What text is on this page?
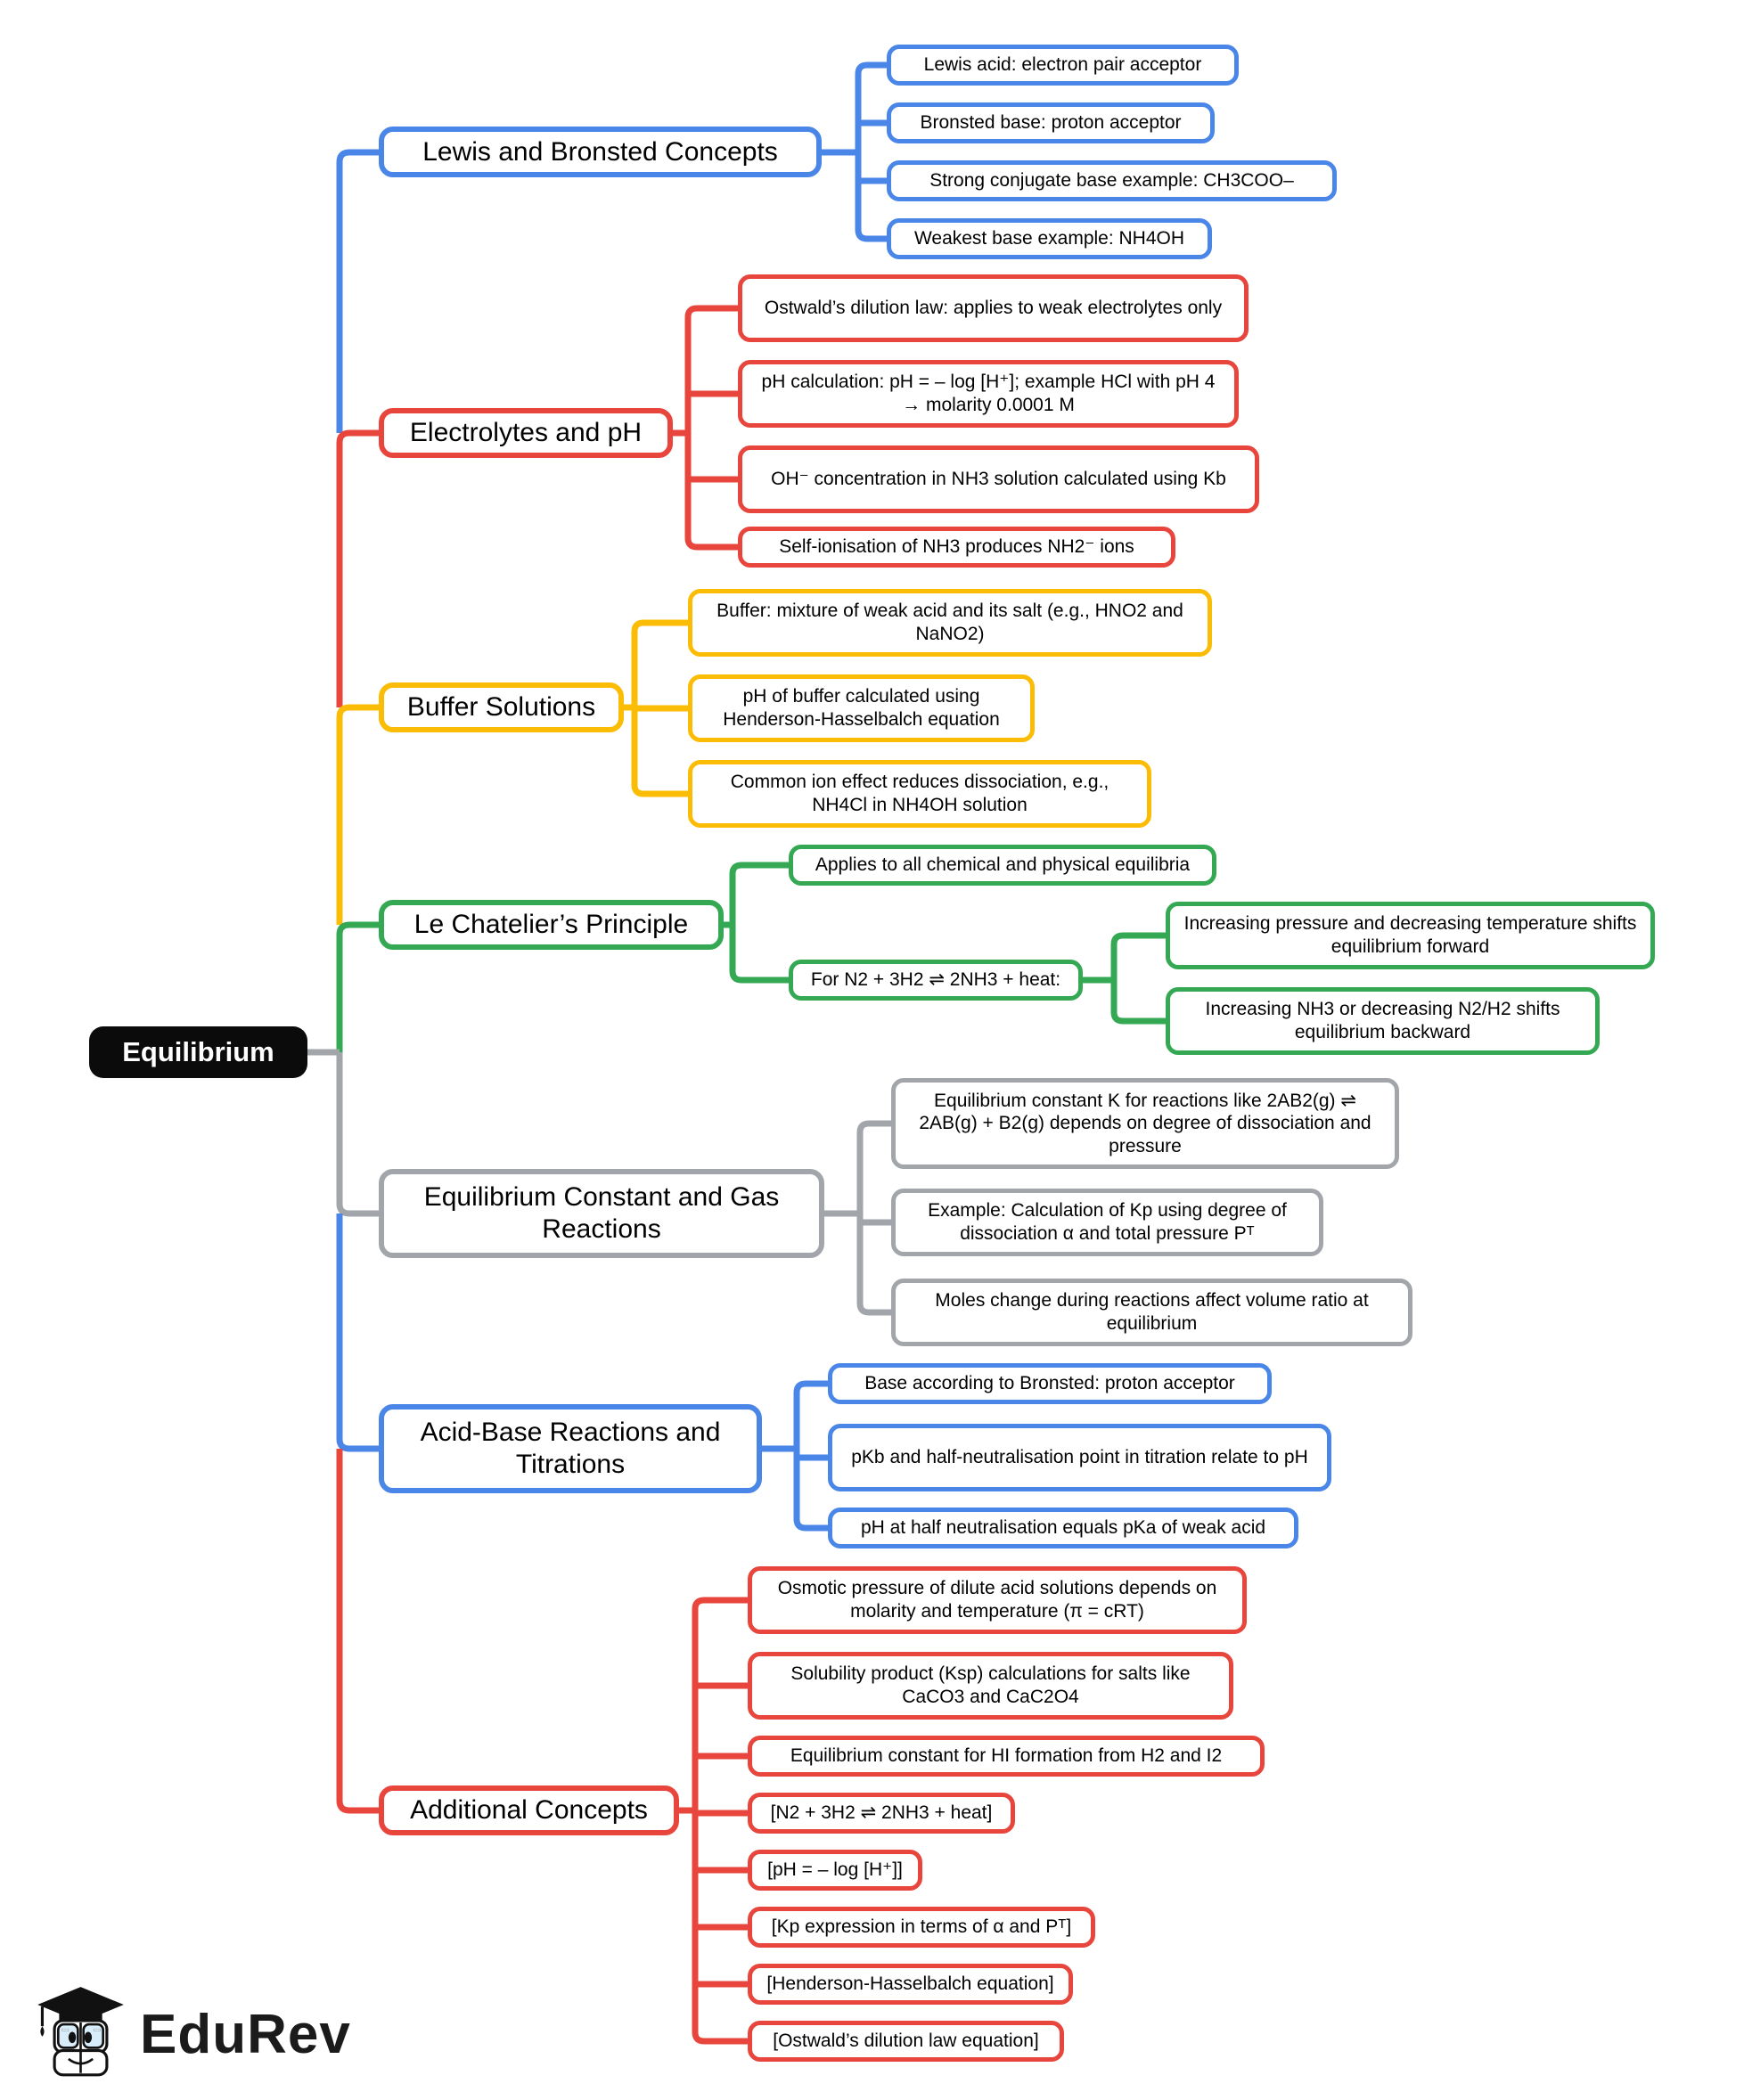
Equilibrium
Lewis and Bronsted Concepts
Electrolytes and pH
Buffer Solutions
Le Chatelier’s Principle
Equilibrium Constant and Gas Reactions
Acid-Base Reactions and Titrations
Additional Concepts
Lewis acid: electron pair acceptor
Bronsted base: proton acceptor
Strong conjugate base example: CH3COO–
Weakest base example: NH4OH
Ostwald’s dilution law: applies to weak electrolytes only
pH calculation: pH = – log [H⁺]; example HCl with pH 4 → molarity 0.0001 M
OH⁻ concentration in NH3 solution calculated using Kb
Self-ionisation of NH3 produces NH2⁻ ions
Buffer: mixture of weak acid and its salt (e.g., HNO2 and NaNO2)
pH of buffer calculated using Henderson-Hasselbalch equation
Common ion effect reduces dissociation, e.g., NH4Cl in NH4OH solution
Applies to all chemical and physical equilibria
For N2 + 3H2 ⇌ 2NH3 + heat:
Increasing pressure and decreasing temperature shifts equilibrium forward
Increasing NH3 or decreasing N2/H2 shifts equilibrium backward
Equilibrium constant K for reactions like 2AB2(g) ⇌ 2AB(g) + B2(g) depends on degree of dissociation and pressure
Example: Calculation of Kp using degree of dissociation α and total pressure Pᵀ
Moles change during reactions affect volume ratio at equilibrium
Base according to Bronsted: proton acceptor
pKb and half-neutralisation point in titration relate to pH
pH at half neutralisation equals pKa of weak acid
Osmotic pressure of dilute acid solutions depends on molarity and temperature (π = cRT)
Solubility product (Ksp) calculations for salts like CaCO3 and CaC2O4
Equilibrium constant for HI formation from H2 and I2
[N2 + 3H2 ⇌ 2NH3 + heat]
[pH = – log [H⁺]]
[Kp expression in terms of α and Pᵀ]
[Henderson-Hasselbalch equation]
[Ostwald’s dilution law equation]
EduRev
